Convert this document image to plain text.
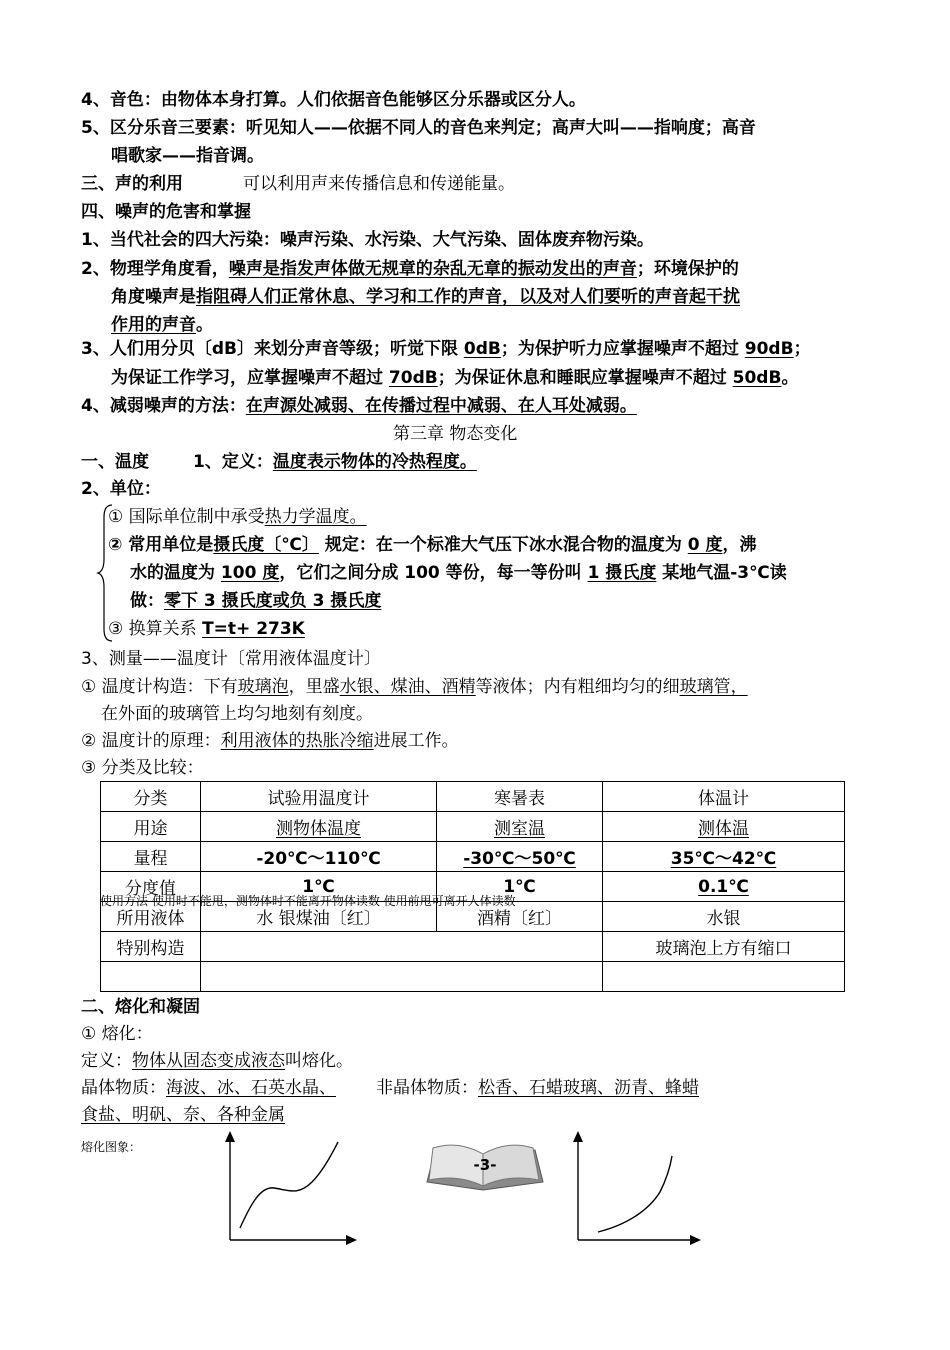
4、音色：由物体本身打算。人们依据音色能够区分乐器或区分人。
5、区分乐音三要素：听见知人——依据不同人的音色来判定；高声大叫——指响度；高音
唱歌家——指音调。
三、声的利用	可以利用声来传播信息和传递能量。
四、噪声的危害和掌握
1、当代社会的四大污染：噪声污染、水污染、大气污染、固体废弃物污染。
2、物理学角度看，噪声是指发声体做无规章的杂乱无章的振动发出的声音；环境保护的
角度噪声是指阻碍人们正常休息、学习和工作的声音，以及对人们要听的声音起干扰
作用的声音。
3、人们用分贝〔dB〕来划分声音等级；听觉下限 0dB；为保护听力应掌握噪声不超过 90dB；
为保证工作学习，应掌握噪声不超过 70dB；为保证休息和睡眠应掌握噪声不超过 50dB。
4、减弱噪声的方法：在声源处减弱、在传播过程中减弱、在人耳处减弱。
第三章 物态变化
一、温度	1、定义：温度表示物体的冷热程度。
2、单位：
① 国际单位制中承受热力学温度。
② 常用单位是摄氏度〔℃〕 规定：在一个标准大气压下冰水混合物的温度为 0 度，沸
水的温度为 100 度，它们之间分成 100 等份，每一等份叫 1 摄氏度 某地气温-3℃读
做：零下 3 摄氏度或负 3 摄氏度
③ 换算关系 T=t+ 273K
3、测量——温度计〔常用液体温度计〕
① 温度计构造：下有玻璃泡，里盛水银、煤油、酒精等液体；内有粗细均匀的细玻璃管，
在外面的玻璃管上均匀地刻有刻度。
② 温度计的原理：利用液体的热胀冷缩进展工作。
③ 分类及比较：
分类	试验用温度计	寒暑表	体温计
用途	测物体温度	测室温	测体温
量程	-20℃～110℃	-30℃～50℃	35℃～42℃
分度值	1℃	1℃	0.1℃
所用液体	水 银煤油〔红〕	酒精〔红〕	水银
特别构造			玻璃泡上方有缩口

使用方法 使用时不能甩，测物体时不能离开物体读数 使用前甩可离开人体读数
二、熔化和凝固
① 熔化：
定义：物体从固态变成液态叫熔化。
晶体物质：海波、冰、石英水晶、 非晶体物质：松香、石蜡玻璃、沥青、蜂蜡
食盐、明矾、奈、各种金属
熔化图象：
-3-
